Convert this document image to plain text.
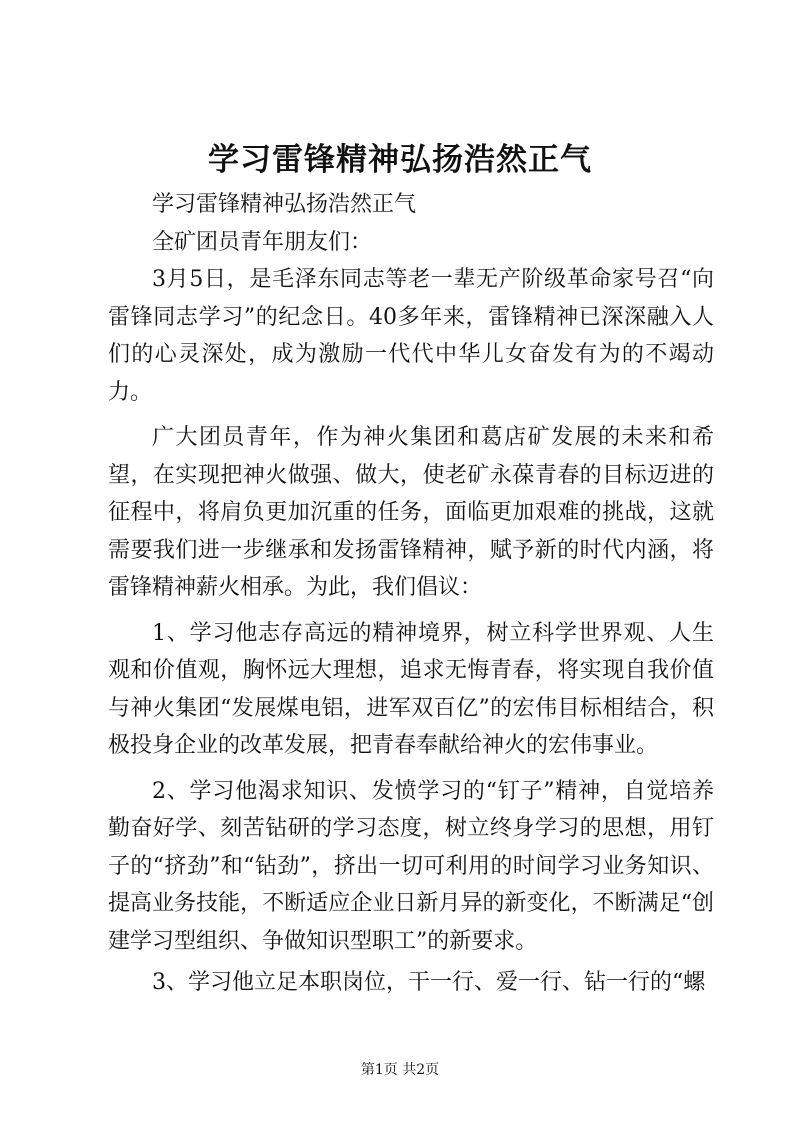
学习雷锋精神弘扬浩然正气

学习雷锋精神弘扬浩然正气

全矿团员青年朋友们：

3月5日，是毛泽东同志等老一辈无产阶级革命家号召“向雷锋同志学习”的纪念日。40多年来，雷锋精神已深深融入人们的心灵深处，成为激励一代代中华儿女奋发有为的不竭动力。

广大团员青年，作为神火集团和葛店矿发展的未来和希望，在实现把神火做强、做大，使老矿永葆青春的目标迈进的征程中，将肩负更加沉重的任务，面临更加艰难的挑战，这就需要我们进一步继承和发扬雷锋精神，赋予新的时代内涵，将雷锋精神薪火相承。为此，我们倡议：

1、学习他志存高远的精神境界，树立科学世界观、人生观和价值观，胸怀远大理想，追求无悔青春，将实现自我价值与神火集团“发展煤电铝，进军双百亿”的宏伟目标相结合，积极投身企业的改革发展，把青春奉献给神火的宏伟事业。

2、学习他渴求知识、发愤学习的“钉子”精神，自觉培养勤奋好学、刻苦钻研的学习态度，树立终身学习的思想，用钉子的“挤劲”和“钻劲”，挤出一切可利用的时间学习业务知识、提高业务技能，不断适应企业日新月异的新变化，不断满足“创建学习型组织、争做知识型职工”的新要求。

3、学习他立足本职岗位，干一行、爱一行、钻一行的“螺

第1页 共2页
